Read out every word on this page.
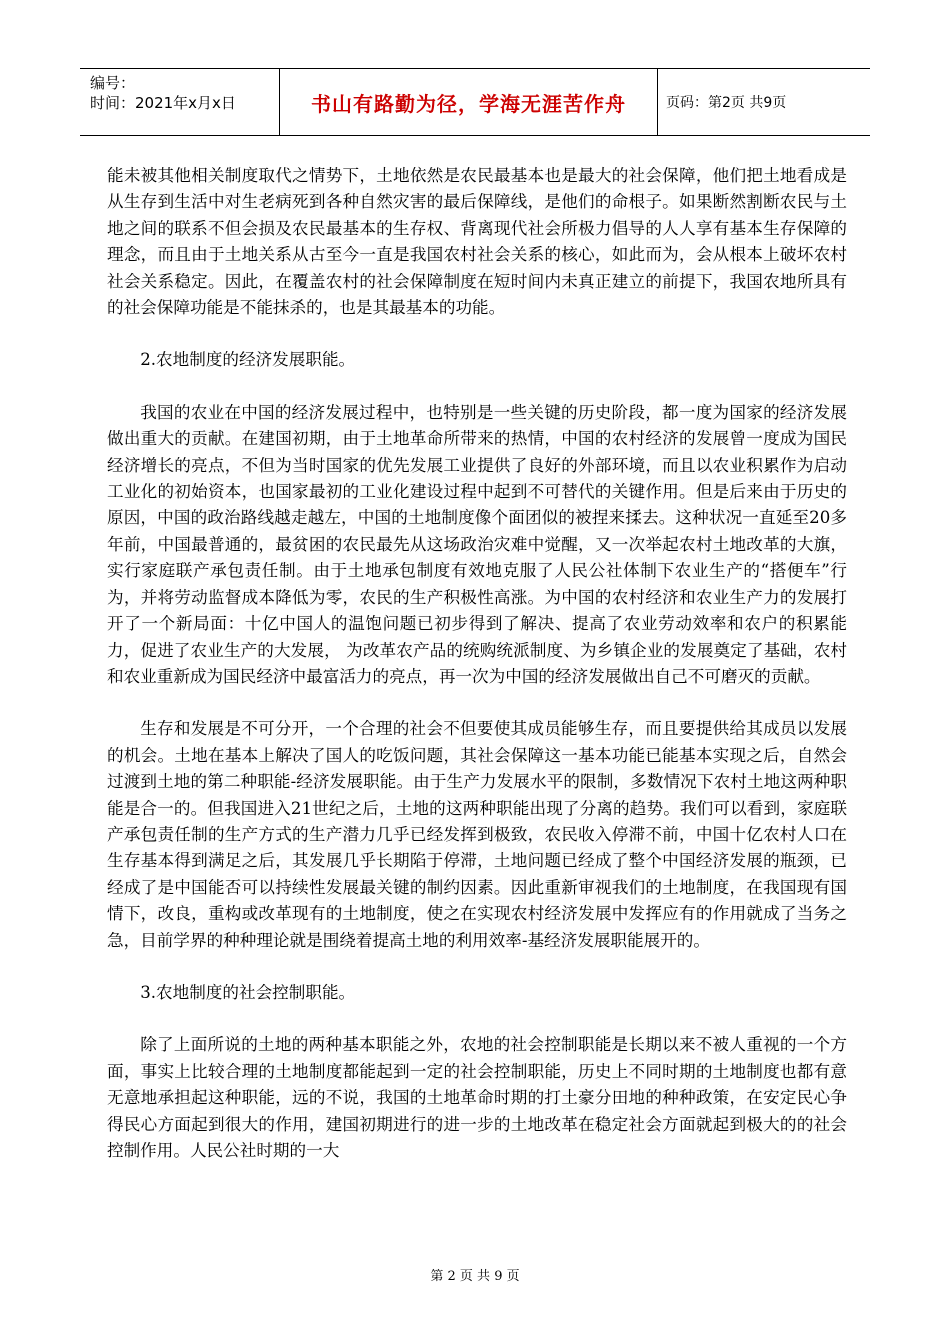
编号：
时间：2021年x月x日	书山有路勤为径，学海无涯苦作舟	页码：第2页 共9页

能未被其他相关制度取代之情势下，土地依然是农民最基本也是最大的社会保障，他们把土地看成是从生存到生活中对生老病死到各种自然灾害的最后保障线，是他们的命根子。如果断然割断农民与土地之间的联系不但会损及农民最基本的生存权、背离现代社会所极力倡导的人人享有基本生存保障的理念，而且由于土地关系从古至今一直是我国农村社会关系的核心，如此而为，会从根本上破坏农村社会关系稳定。因此，在覆盖农村的社会保障制度在短时间内未真正建立的前提下，我国农地所具有的社会保障功能是不能抹杀的，也是其最基本的功能。

2.农地制度的经济发展职能。

我国的农业在中国的经济发展过程中，也特别是一些关键的历史阶段，都一度为国家的经济发展做出重大的贡献。在建国初期，由于土地革命所带来的热情，中国的农村经济的发展曾一度成为国民经济增长的亮点，不但为当时国家的优先发展工业提供了良好的外部环境，而且以农业积累作为启动工业化的初始资本，也国家最初的工业化建设过程中起到不可替代的关键作用。但是后来由于历史的原因，中国的政治路线越走越左，中国的土地制度像个面团似的被捏来揉去。这种状况一直延至20多年前，中国最普通的，最贫困的农民最先从这场政治灾难中觉醒，又一次举起农村土地改革的大旗，实行家庭联产承包责任制。由于土地承包制度有效地克服了人民公社体制下农业生产的“搭便车”行为，并将劳动监督成本降低为零，农民的生产积极性高涨。为中国的农村经济和农业生产力的发展打开了一个新局面：十亿中国人的温饱问题已初步得到了解决、提高了农业劳动效率和农户的积累能力，促进了农业生产的大发展， 为改革农产品的统购统派制度、为乡镇企业的发展奠定了基础，农村和农业重新成为国民经济中最富活力的亮点，再一次为中国的经济发展做出自己不可磨灭的贡献。

生存和发展是不可分开，一个合理的社会不但要使其成员能够生存，而且要提供给其成员以发展的机会。土地在基本上解决了国人的吃饭问题，其社会保障这一基本功能已能基本实现之后，自然会过渡到土地的第二种职能-经济发展职能。由于生产力发展水平的限制，多数情况下农村土地这两种职能是合一的。但我国进入21世纪之后，土地的这两种职能出现了分离的趋势。我们可以看到，家庭联产承包责任制的生产方式的生产潜力几乎已经发挥到极致，农民收入停滞不前，中国十亿农村人口在生存基本得到满足之后，其发展几乎长期陷于停滞，土地问题已经成了整个中国经济发展的瓶颈，已经成了是中国能否可以持续性发展最关键的制约因素。因此重新审视我们的土地制度，在我国现有国情下，改良，重构或改革现有的土地制度，使之在实现农村经济发展中发挥应有的作用就成了当务之急，目前学界的种种理论就是围绕着提高土地的利用效率-基经济发展职能展开的。

3.农地制度的社会控制职能。

除了上面所说的土地的两种基本职能之外，农地的社会控制职能是长期以来不被人重视的一个方面，事实上比较合理的土地制度都能起到一定的社会控制职能，历史上不同时期的土地制度也都有意无意地承担起这种职能，远的不说，我国的土地革命时期的打土豪分田地的种种政策，在安定民心争得民心方面起到很大的作用，建国初期进行的进一步的土地改革在稳定社会方面就起到极大的的社会控制作用。人民公社时期的一大

第 2 页 共 9 页
